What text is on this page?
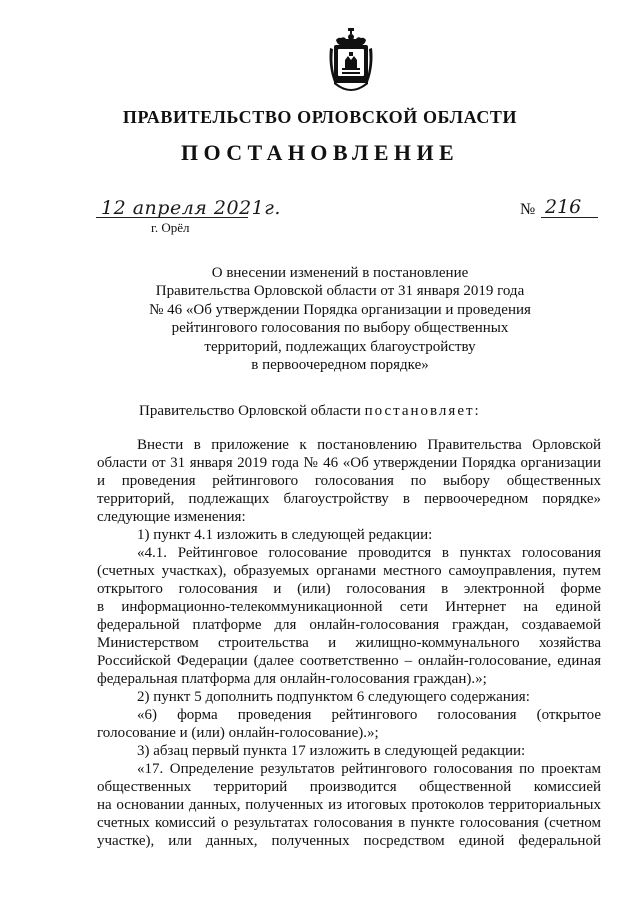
ПРАВИТЕЛЬСТВО ОРЛОВСКОЙ ОБЛАСТИ
ПОСТАНОВЛЕНИЕ
12 апреля 2021г.
г. Орёл
№ 216
О внесении изменений в постановление
Правительства Орловской области от 31 января 2019 года
№ 46 «Об утверждении Порядка организации и проведения
рейтингового голосования по выбору общественных
территорий, подлежащих благоустройству
в первоочередном порядке»

Правительство Орловской области постановляет:

Внести в приложение к постановлению Правительства Орловской

области от 31 января 2019 года № 46 «Об утверждении Порядка организации

и проведения рейтингового голосования по выбору общественных

территорий, подлежащих благоустройству в первоочередном порядке»

следующие изменения:

1) пункт 4.1 изложить в следующей редакции:

«4.1. Рейтинговое голосование проводится в пунктах голосования

(счетных участках), образуемых органами местного самоуправления, путем

открытого голосования и (или) голосования в электронной форме

в информационно-телекоммуникационной сети Интернет на единой

федеральной платформе для онлайн-голосования граждан, создаваемой

Министерством строительства и жилищно-коммунального хозяйства

Российской Федерации (далее соответственно – онлайн-голосование, единая

федеральная платформа для онлайн-голосования граждан).»;

2) пункт 5 дополнить подпунктом 6 следующего содержания:

«6) форма проведения рейтингового голосования (открытое

голосование и (или) онлайн-голосование).»;

3) абзац первый пункта 17 изложить в следующей редакции:

«17. Определение результатов рейтингового голосования по проектам

общественных территорий производится общественной комиссией

на основании данных, полученных из итоговых протоколов территориальных

счетных комиссий о результатах голосования в пункте голосования (счетном

участке), или данных, полученных посредством единой федеральной
